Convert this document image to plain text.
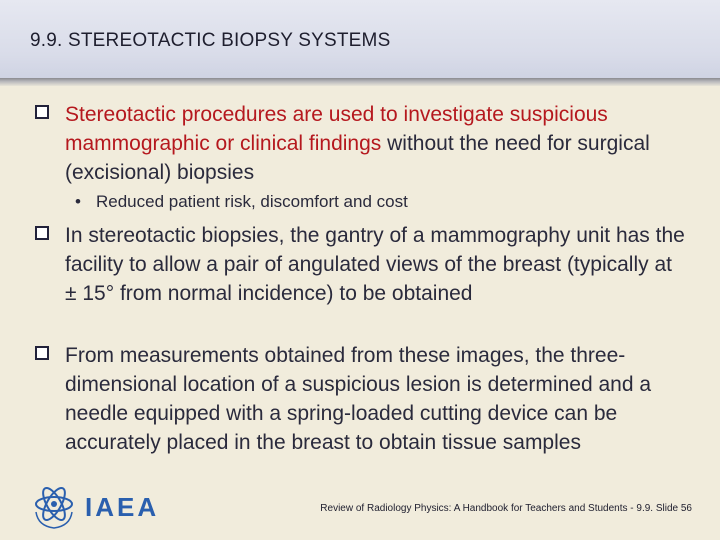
9.9. STEREOTACTIC BIOPSY SYSTEMS
Stereotactic procedures are used to investigate suspicious mammographic or clinical findings without the need for surgical (excisional) biopsies
• Reduced patient risk, discomfort and cost
In stereotactic biopsies, the gantry of a mammography unit has the facility to allow a pair of angulated views of the breast (typically at ± 15° from normal incidence) to be obtained
From measurements obtained from these images, the three-dimensional location of a suspicious lesion is determined and a needle equipped with a spring-loaded cutting device can be accurately placed in the breast to obtain tissue samples
IAEA	Review of Radiology Physics: A Handbook for Teachers and Students - 9.9. Slide 56
